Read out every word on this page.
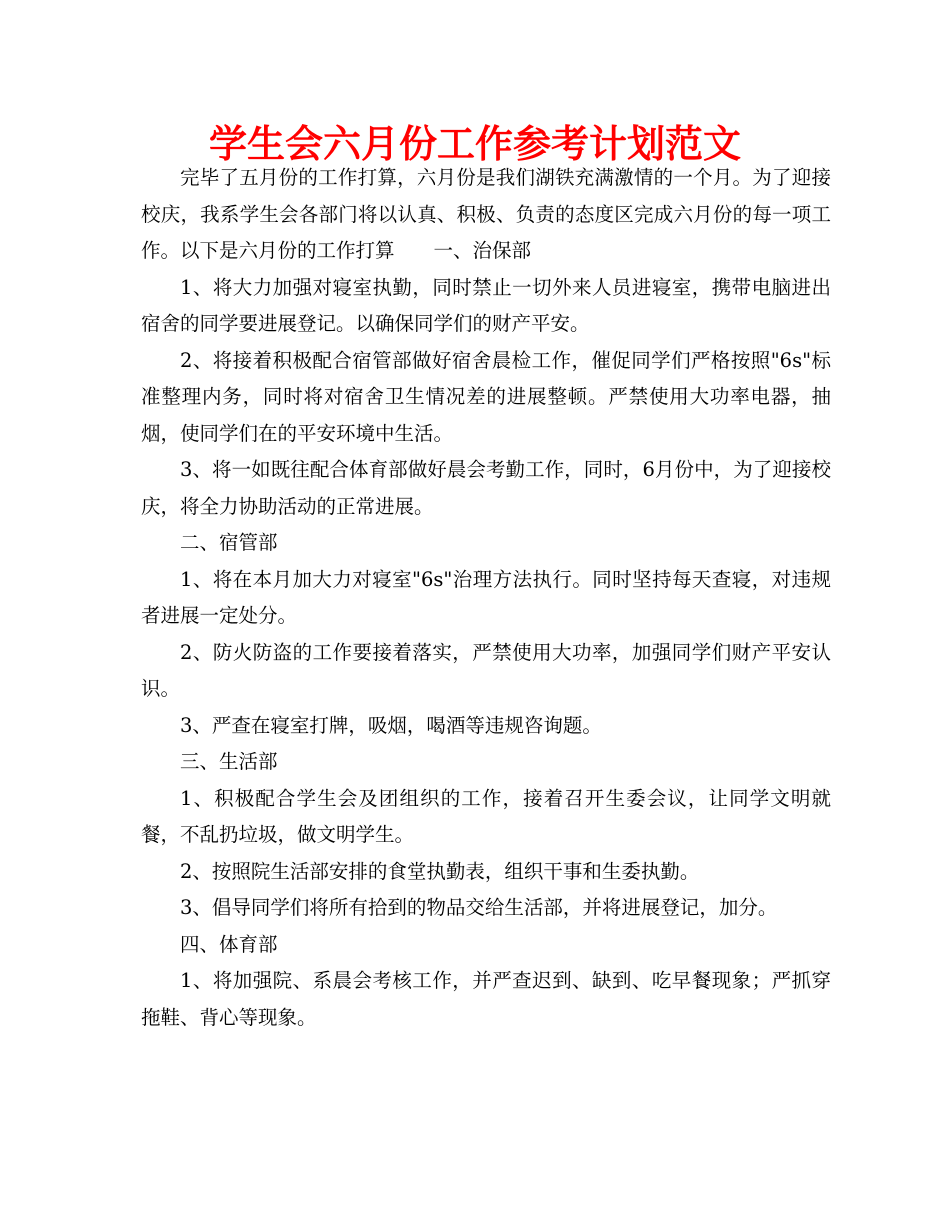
学生会六月份工作参考计划范文

完毕了五月份的工作打算，六月份是我们湖铁充满激情的一个月。为了迎接校庆，我系学生会各部门将以认真、积极、负责的态度区完成六月份的每一项工作。以下是六月份的工作打算　　一、治保部

1、将大力加强对寝室执勤，同时禁止一切外来人员进寝室，携带电脑进出宿舍的同学要进展登记。以确保同学们的财产平安。

2、将接着积极配合宿管部做好宿舍晨检工作，催促同学们严格按照"6s"标准整理内务，同时将对宿舍卫生情况差的进展整顿。严禁使用大功率电器，抽烟，使同学们在的平安环境中生活。

3、将一如既往配合体育部做好晨会考勤工作，同时，6月份中，为了迎接校庆，将全力协助活动的正常进展。

二、宿管部

1、将在本月加大力对寝室"6s"治理方法执行。同时坚持每天查寝，对违规者进展一定处分。

2、防火防盗的工作要接着落实，严禁使用大功率，加强同学们财产平安认识。

3、严查在寝室打牌，吸烟，喝酒等违规咨询题。

三、生活部

1、积极配合学生会及团组织的工作，接着召开生委会议，让同学文明就餐，不乱扔垃圾，做文明学生。

2、按照院生活部安排的食堂执勤表，组织干事和生委执勤。

3、倡导同学们将所有拾到的物品交给生活部，并将进展登记，加分。

四、体育部

1、将加强院、系晨会考核工作，并严查迟到、缺到、吃早餐现象；严抓穿拖鞋、背心等现象。
